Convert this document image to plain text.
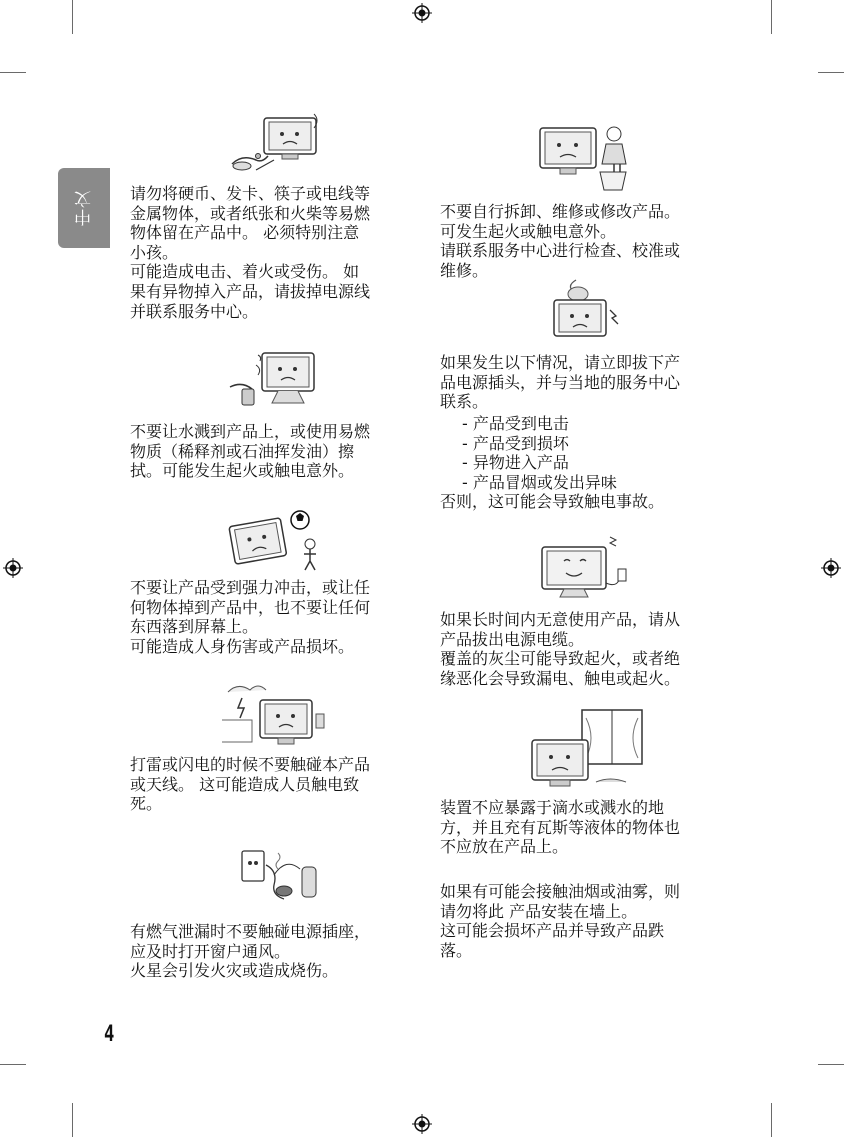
中文 请勿将硬币、发卡、筷子或电线等
金属物体，或者纸张和火柴等易燃
物体留在产品中。 必须特别注意
小孩。
可能造成电击、着火或受伤。 如
果有异物掉入产品，请拔掉电源线
并联系服务中心。

不要让水溅到产品上，或使用易燃
物质（稀释剂或石油挥发油）擦
拭。可能发生起火或触电意外。

不要让产品受到强力冲击，或让任
何物体掉到产品中，也不要让任何
东西落到屏幕上。
可能造成人身伤害或产品损坏。

打雷或闪电的时候不要触碰本产品
或天线。 这可能造成人员触电致
死。

有燃气泄漏时不要触碰电源插座，
应及时打开窗户通风。
火星会引发火灾或造成烧伤。

不要自行拆卸、维修或修改产品。
可发生起火或触电意外。
请联系服务中心进行检查、校准或
维修。

如果发生以下情况，请立即拔下产
品电源插头，并与当地的服务中心
联系。

- 产品受到电击

- 产品受到损坏

- 异物进入产品

- 产品冒烟或发出异味

否则，这可能会导致触电事故。

如果长时间内无意使用产品，请从
产品拔出电源电缆。
覆盖的灰尘可能导致起火，或者绝
缘恶化会导致漏电、触电或起火。

装置不应暴露于滴水或溅水的地
方，并且充有瓦斯等液体的物体也
不应放在产品上。

如果有可能会接触油烟或油雾，则
请勿将此 产品安装在墙上。
这可能会损坏产品并导致产品跌
落。

4
